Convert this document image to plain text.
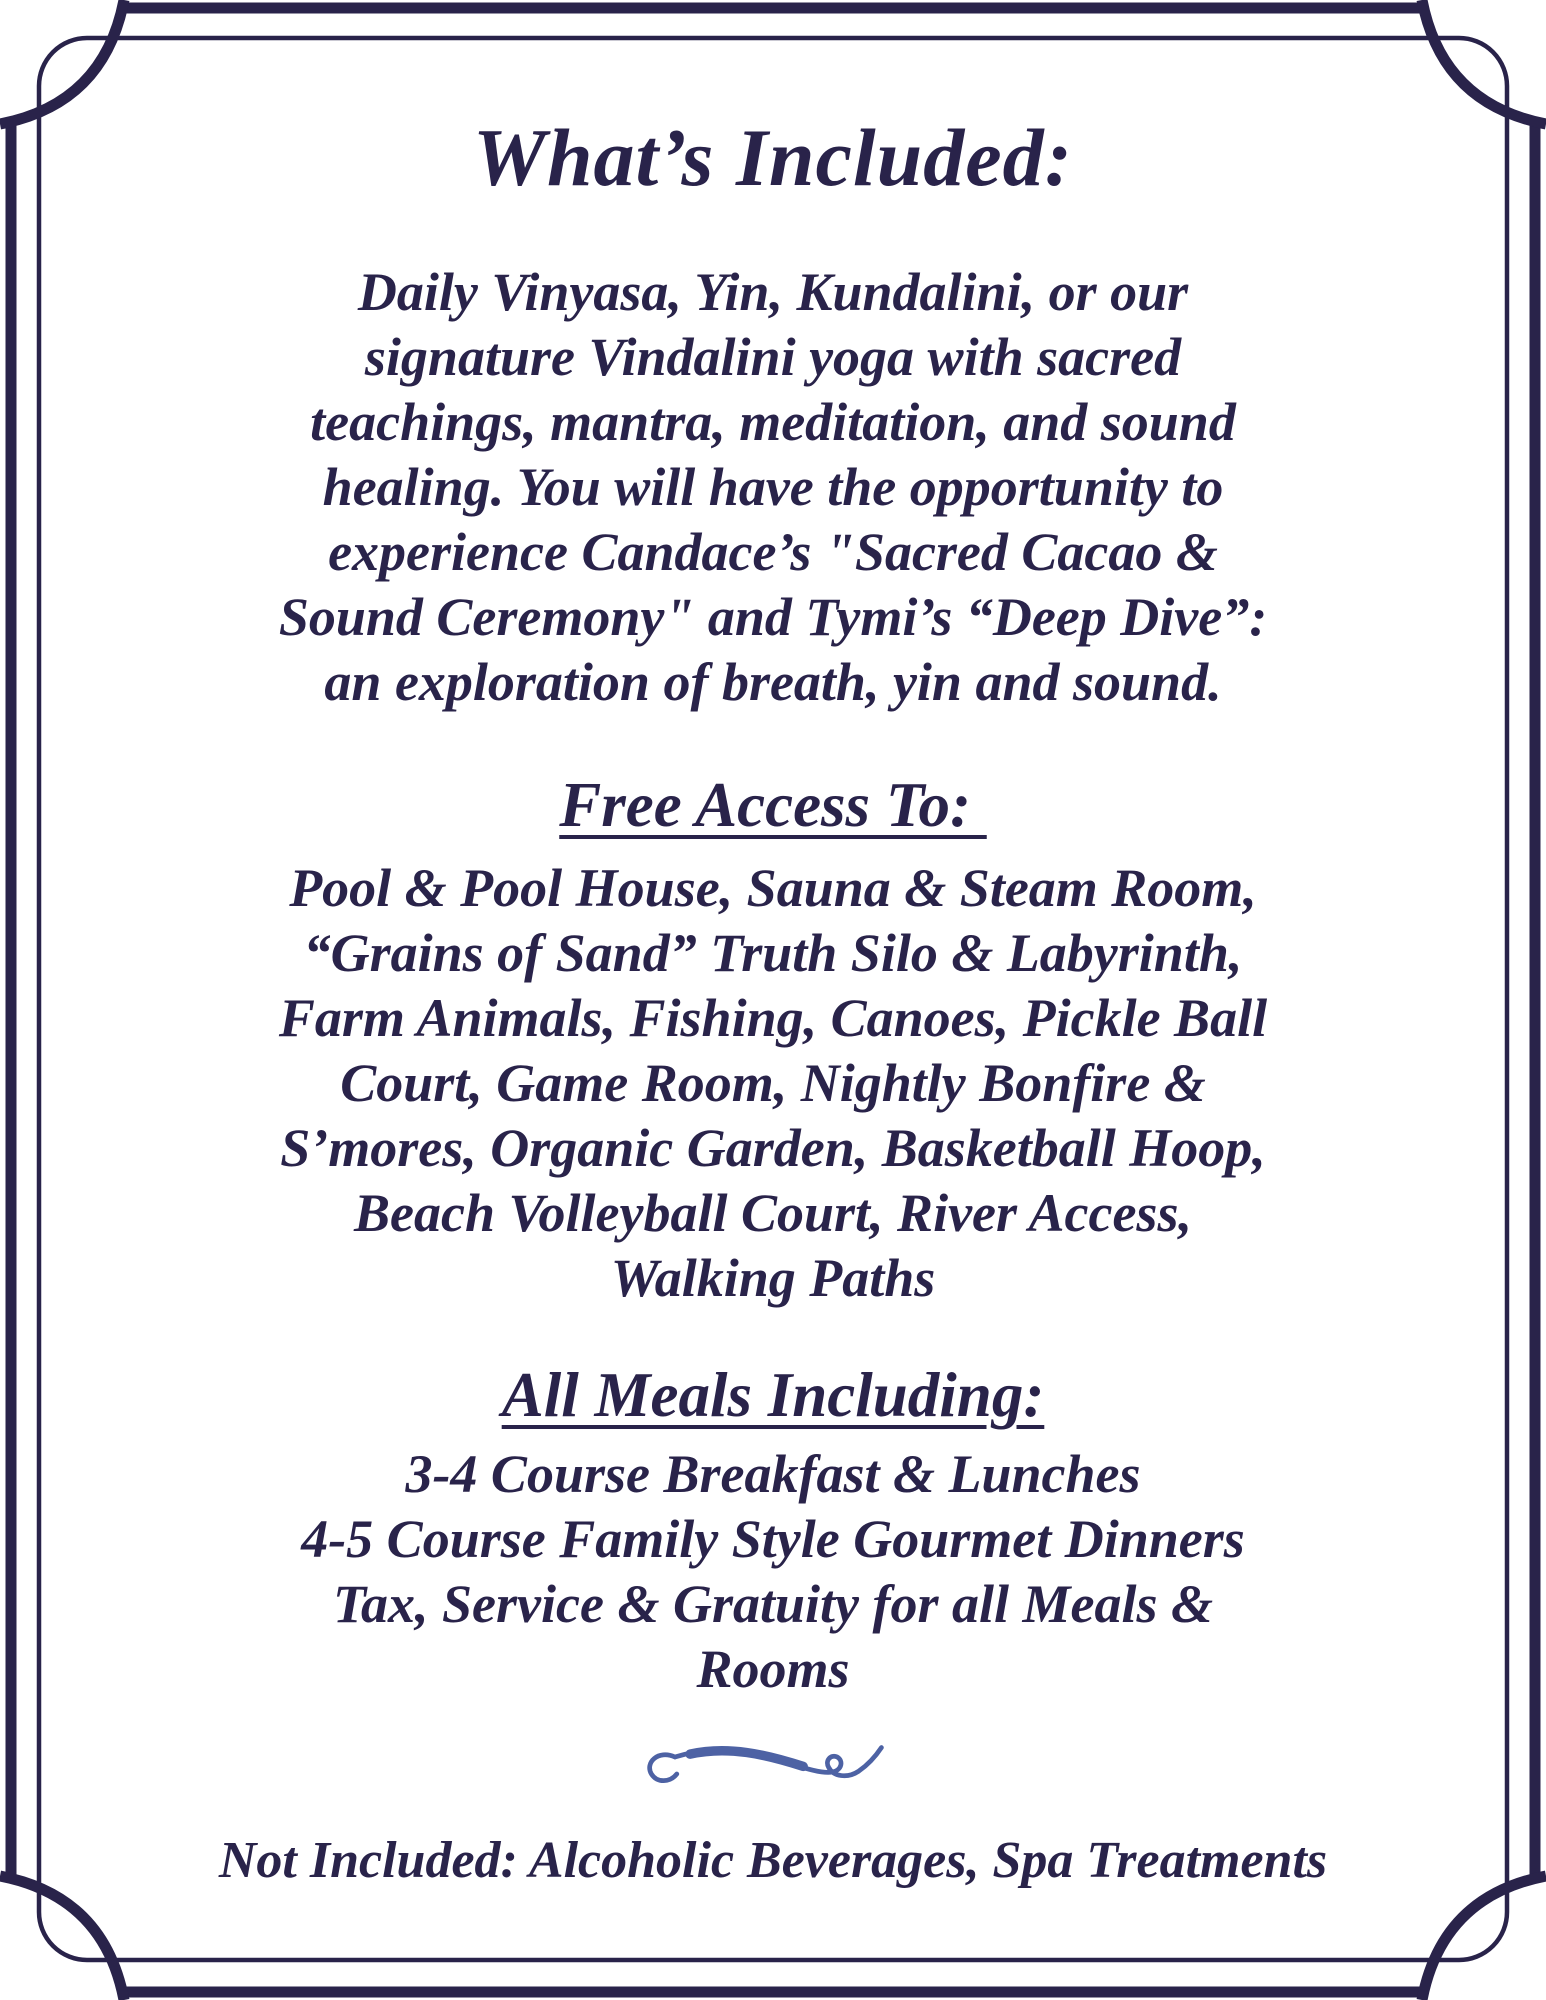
What’s Included:
Daily Vinyasa, Yin, Kundalini, or our
signature Vindalini yoga with sacred
teachings, mantra, meditation, and sound
healing. You will have the opportunity to
experience Candace’s "Sacred Cacao &
Sound Ceremony" and Tymi’s “Deep Dive”:
an exploration of breath, yin and sound.
Free Access To:
Pool & Pool House, Sauna & Steam Room,
“Grains of Sand” Truth Silo & Labyrinth,
Farm Animals, Fishing, Canoes, Pickle Ball
Court, Game Room, Nightly Bonfire &
S’mores, Organic Garden, Basketball Hoop,
Beach Volleyball Court, River Access,
Walking Paths
All Meals Including:
3-4 Course Breakfast & Lunches
4-5 Course Family Style Gourmet Dinners
Tax, Service & Gratuity for all Meals &
Rooms
Not Included: Alcoholic Beverages, Spa Treatments
